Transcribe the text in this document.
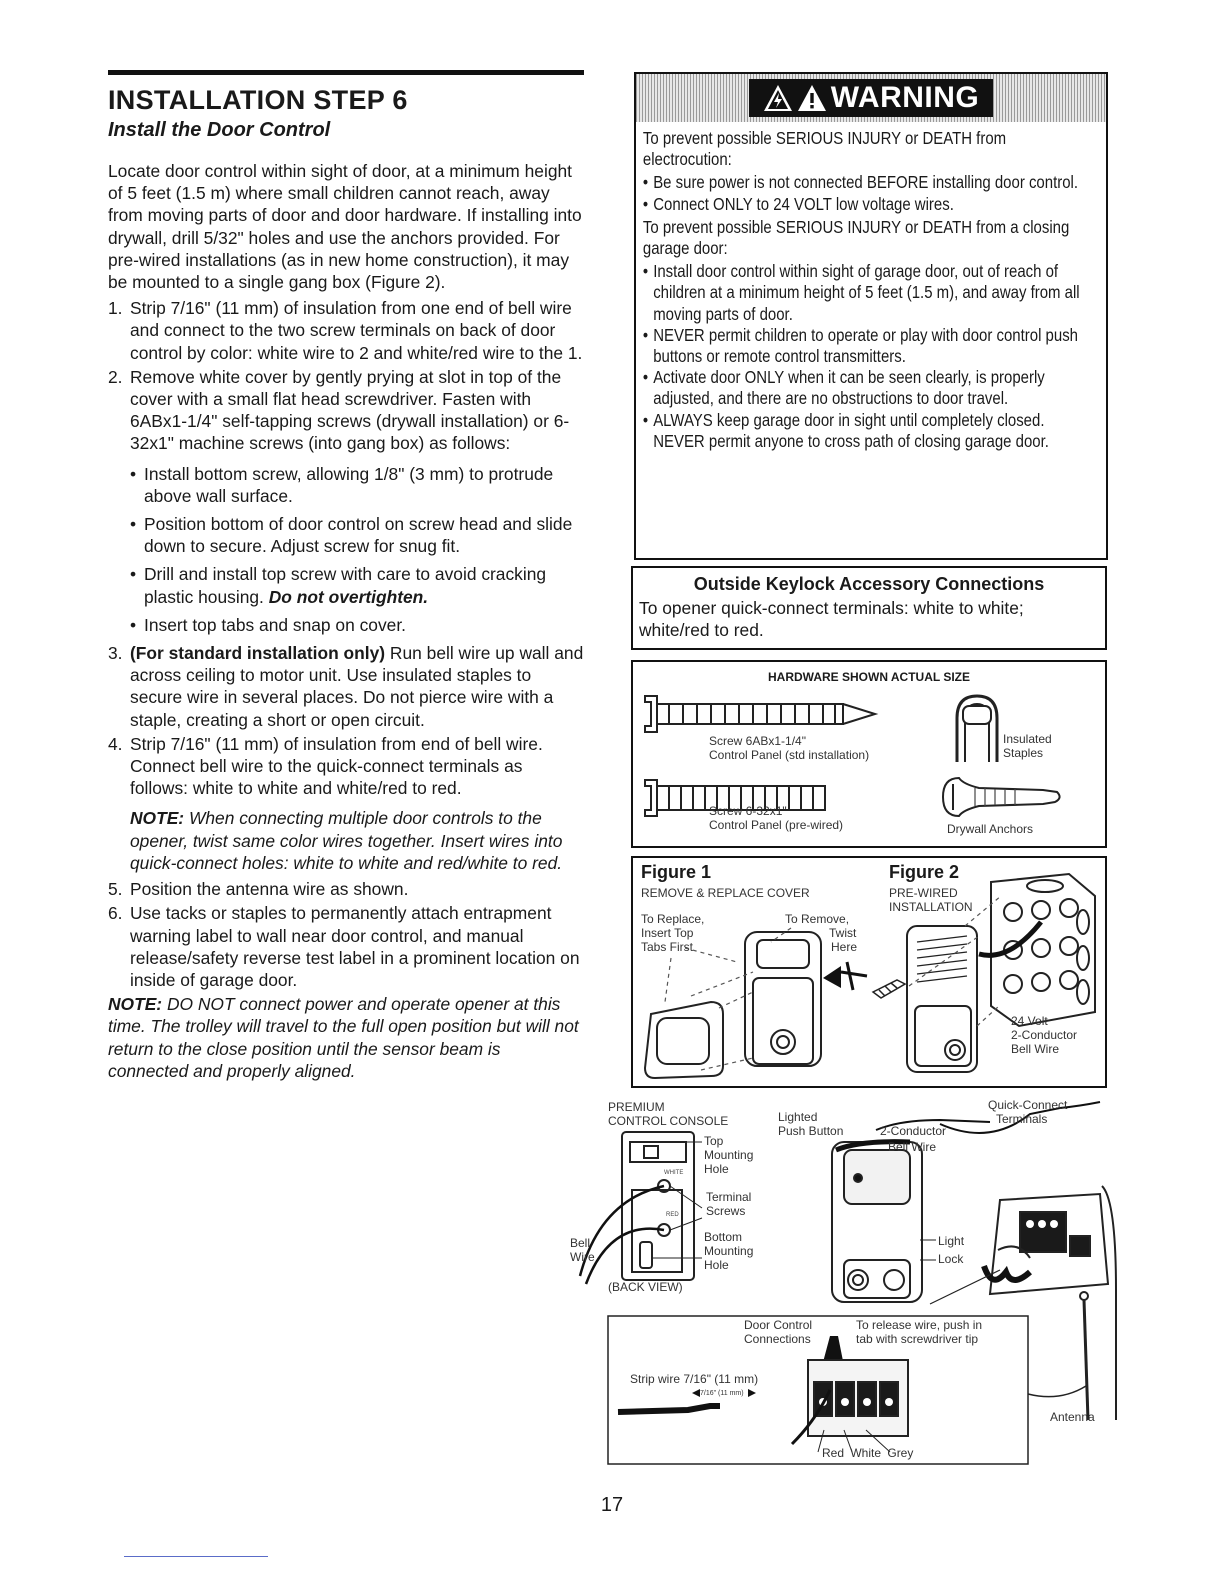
INSTALLATION STEP 6
Install the Door Control
Locate door control within sight of door, at a minimum height of 5 feet (1.5 m) where small children cannot reach, away from moving parts of door and door hardware. If installing into drywall, drill 5/32" holes and use the anchors provided. For pre-wired installations (as in new home construction), it may be mounted to a single gang box (Figure 2).
1. Strip 7/16" (11 mm) of insulation from one end of bell wire and connect to the two screw terminals on back of door control by color: white wire to 2 and white/red wire to the 1.
2. Remove white cover by gently prying at slot in top of the cover with a small flat head screwdriver. Fasten with 6ABx1-1/4" self-tapping screws (drywall installation) or 6-32x1" machine screws (into gang box) as follows:
• Install bottom screw, allowing 1/8" (3 mm) to protrude above wall surface.
• Position bottom of door control on screw head and slide down to secure. Adjust screw for snug fit.
• Drill and install top screw with care to avoid cracking plastic housing. Do not overtighten.
• Insert top tabs and snap on cover.
3. (For standard installation only) Run bell wire up wall and across ceiling to motor unit. Use insulated staples to secure wire in several places. Do not pierce wire with a staple, creating a short or open circuit.
4. Strip 7/16" (11 mm) of insulation from end of bell wire. Connect bell wire to the quick-connect terminals as follows: white to white and white/red to red.
NOTE: When connecting multiple door controls to the opener, twist same color wires together. Insert wires into quick-connect holes: white to white and red/white to red.
5. Position the antenna wire as shown.
6. Use tacks or staples to permanently attach entrapment warning label to wall near door control, and manual release/safety reverse test label in a prominent location on inside of garage door.
NOTE: DO NOT connect power and operate opener at this time. The trolley will travel to the full open position but will not return to the close position until the sensor beam is connected and properly aligned.
WARNING
To prevent possible SERIOUS INJURY or DEATH from electrocution:
• Be sure power is not connected BEFORE installing door control.
• Connect ONLY to 24 VOLT low voltage wires.
To prevent possible SERIOUS INJURY or DEATH from a closing garage door:
• Install door control within sight of garage door, out of reach of children at a minimum height of 5 feet (1.5 m), and away from all moving parts of door.
• NEVER permit children to operate or play with door control push buttons or remote control transmitters.
• Activate door ONLY when it can be seen clearly, is properly adjusted, and there are no obstructions to door travel.
• ALWAYS keep garage door in sight until completely closed. NEVER permit anyone to cross path of closing garage door.
Outside Keylock Accessory Connections
To opener quick-connect terminals: white to white; white/red to red.
HARDWARE SHOWN ACTUAL SIZE
Screw 6ABx1-1/4"
Control Panel (std installation)
Screw 6-32x1"
Control Panel (pre-wired)
Insulated
Staples
Drywall Anchors
Figure 1
REMOVE & REPLACE COVER
To Replace,
Insert Top
Tabs First
To Remove,
Twist
Here
Figure 2
PRE-WIRED
INSTALLATION
24 Volt
2-Conductor
Bell Wire
PREMIUM
CONTROL CONSOLE
Top
Mounting
Hole
Terminal
Screws
Bottom
Mounting
Hole
Bell
Wire
(BACK VIEW)
WHITE
RED
Lighted
Push Button	2-Conductor
Bell Wire
Quick-Connect
Terminals
Light
Lock
Door Control
Connections
To release wire, push in
tab with screwdriver tip
Strip wire 7/16" (11 mm)
7/16" (11 mm)
Red White Grey
Antenna
17
